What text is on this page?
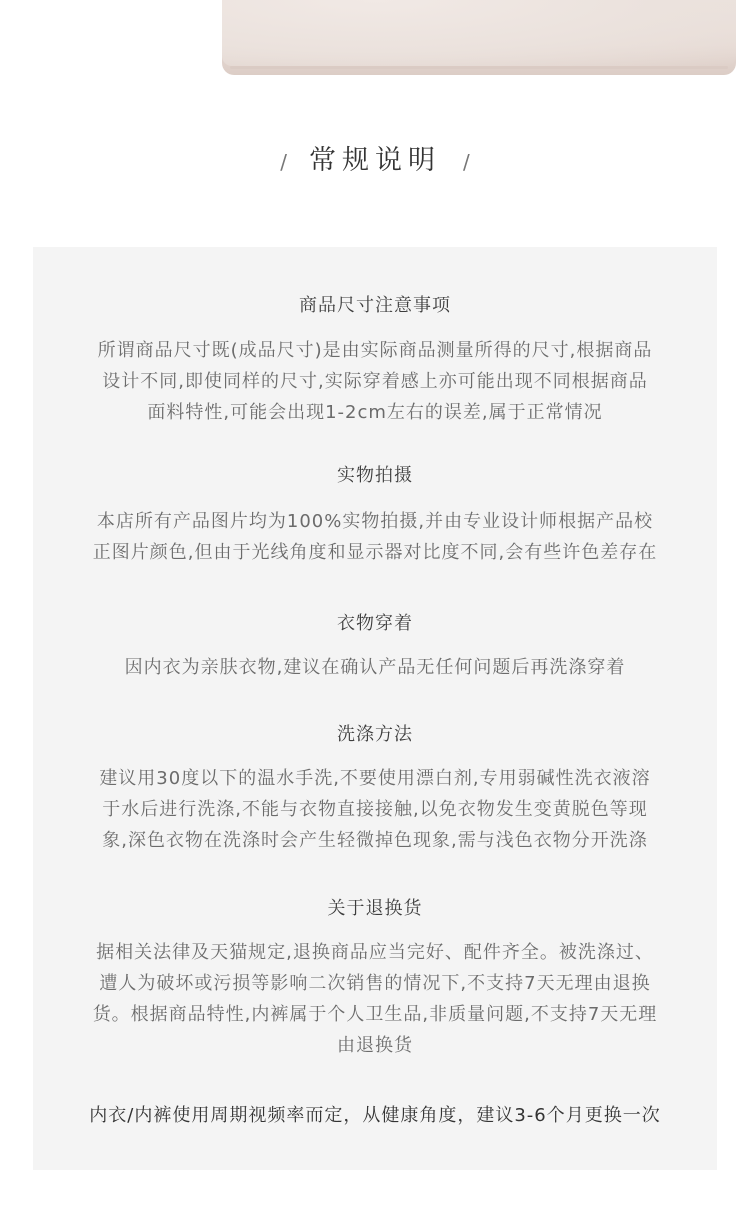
/ 常规说明 /
商品尺寸注意事项
所谓商品尺寸既(成品尺寸)是由实际商品测量所得的尺寸,根据商品
设计不同,即使同样的尺寸,实际穿着感上亦可能出现不同根据商品
面料特性,可能会出现1-2cm左右的误差,属于正常情况
实物拍摄
本店所有产品图片均为100%实物拍摄,并由专业设计师根据产品校
正图片颜色,但由于光线角度和显示器对比度不同,会有些许色差存在
衣物穿着
因内衣为亲肤衣物,建议在确认产品无任何问题后再洗涤穿着
洗涤方法
建议用30度以下的温水手洗,不要使用漂白剂,专用弱碱性洗衣液溶
于水后进行洗涤,不能与衣物直接接触,以免衣物发生变黄脱色等现
象,深色衣物在洗涤时会产生轻微掉色现象,需与浅色衣物分开洗涤
关于退换货
据相关法律及天猫规定,退换商品应当完好、配件齐全。被洗涤过、
遭人为破坏或污损等影响二次销售的情况下,不支持7天无理由退换
货。根据商品特性,内裤属于个人卫生品,非质量问题,不支持7天无理
由退换货
内衣/内裤使用周期视频率而定，从健康角度，建议3-6个月更换一次
